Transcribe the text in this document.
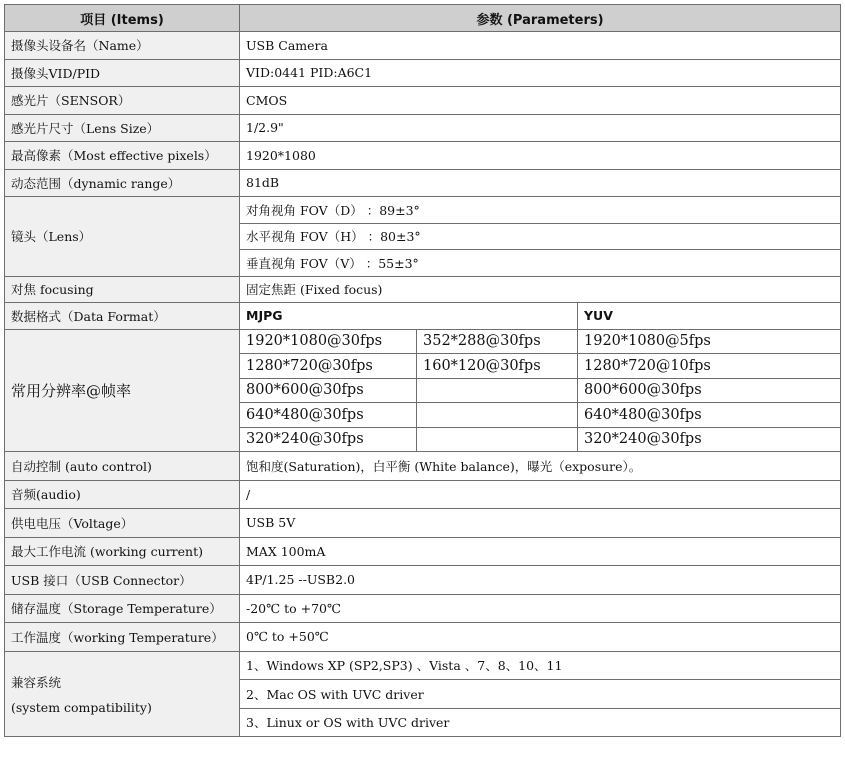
项目 (Items)	参数 (Parameters)		
摄像头设备名（Name）	USB Camera		
摄像头VID/PID	VID:0441 PID:A6C1		
感光片（SENSOR）	CMOS		
感光片尺寸（Lens Size）	1/2.9"		
最高像素（Most effective pixels）	1920*1080		
动态范围（dynamic range）	81dB		
镜头（Lens）	对角视角 FOV（D） ：89±3°		
	水平视角 FOV（H） ：80±3°		
	垂直视角 FOV（V） ：55±3°		
对焦 focusing	固定焦距 (Fixed focus)		
数据格式（Data Format）	MJPG		YUV
常用分辨率@帧率	1920*1080@30fps	352*288@30fps	1920*1080@5fps
	1280*720@30fps	160*120@30fps	1280*720@10fps
	800*600@30fps		800*600@30fps
	640*480@30fps		640*480@30fps
	320*240@30fps		320*240@30fps
自动控制 (auto control)	饱和度(Saturation)，白平衡 (White balance)，曝光（exposure）。		
音频(audio)	/		
供电电压（Voltage）	USB 5V		
最大工作电流 (working current)	MAX 100mA		
USB 接口（USB Connector）	4P/1.25 --USB2.0		
储存温度（Storage Temperature）	-20℃ to +70℃		
工作温度（working Temperature）	0℃ to +50℃		

兼容系统
(system compatibility)	1、Windows XP (SP2,SP3) 、Vista 、7、8、10、11		
	2、Mac OS with UVC driver		
	3、Linux or OS with UVC driver		
